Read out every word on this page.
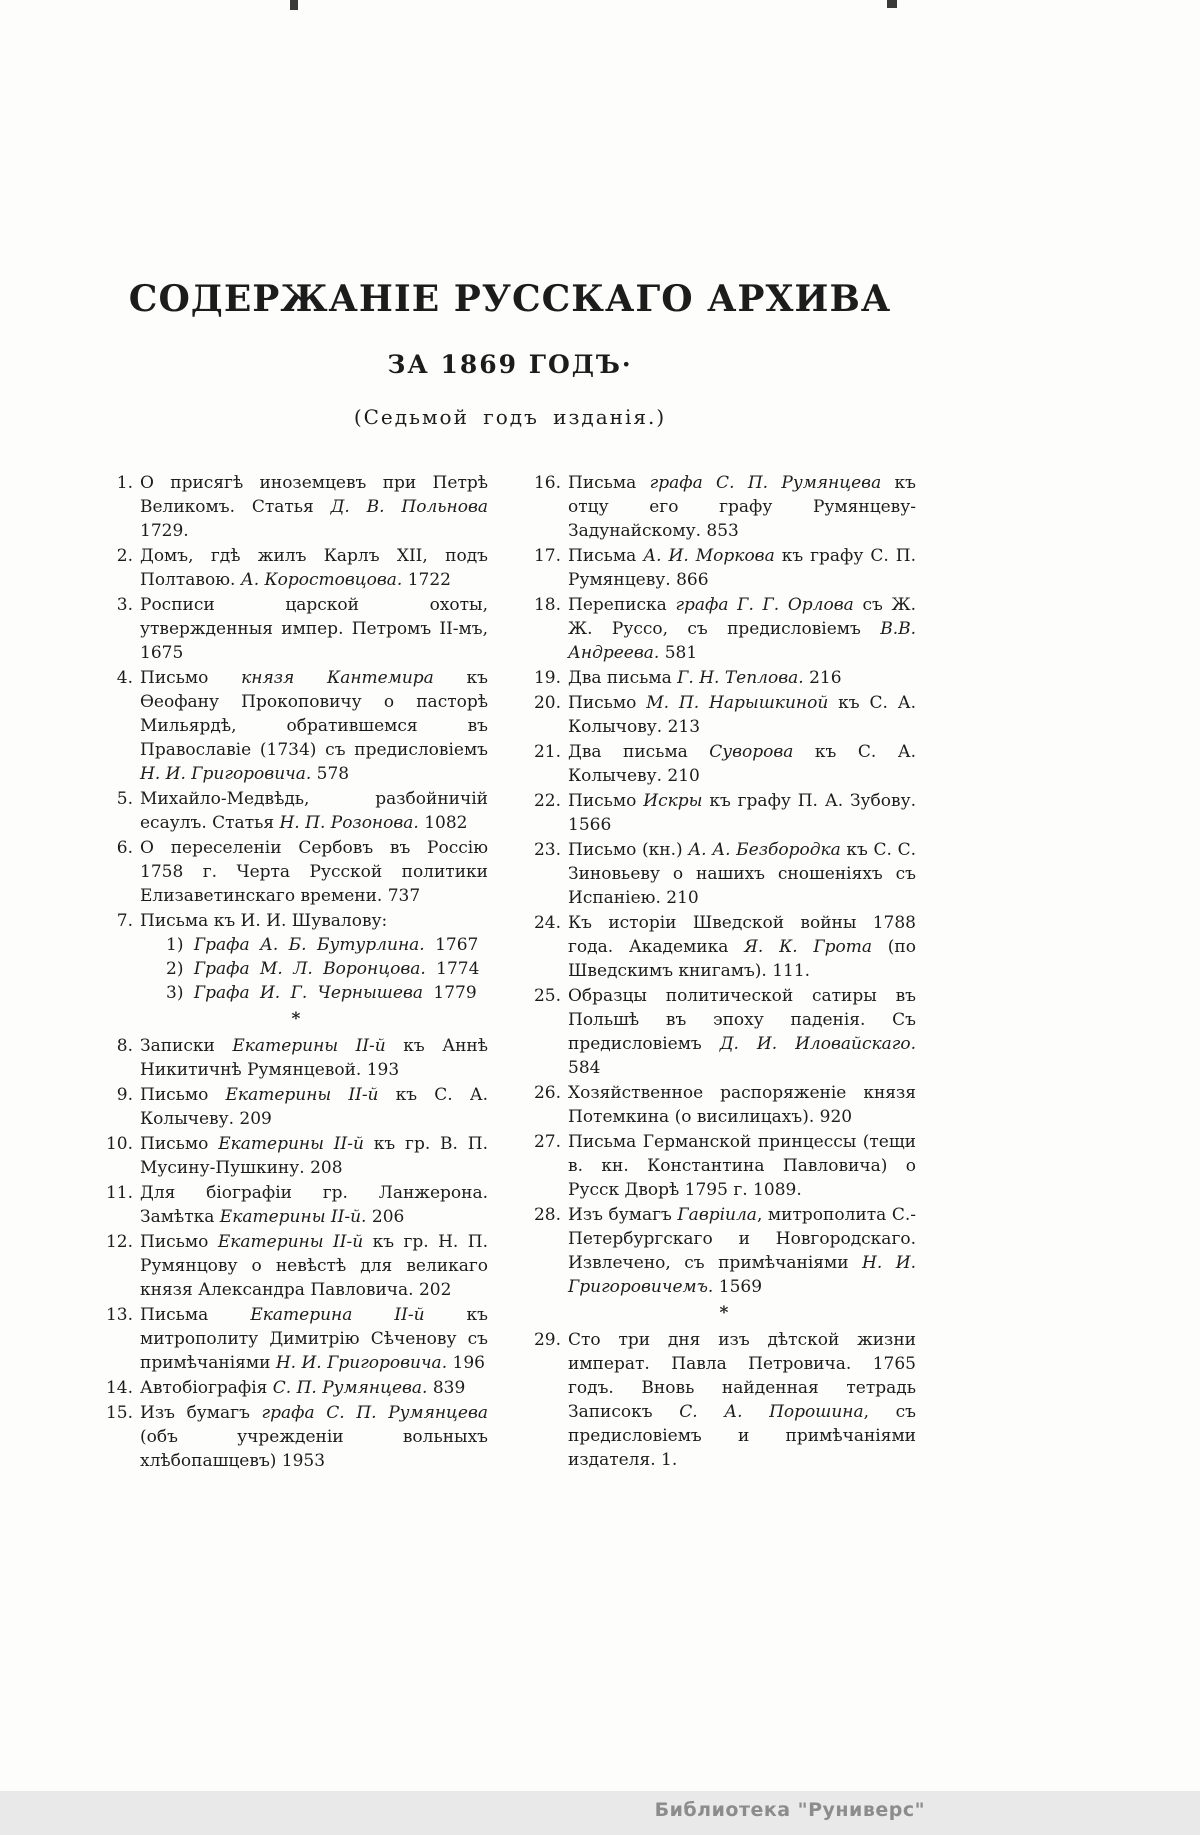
СОДЕРЖАНІЕ РУССКАГО АРХИВА
ЗА 1869 ГОДЪ·
(Седьмой годъ изданія.)
1. О присягѣ иноземцевъ при Петрѣ Великомъ. Статья Д. В. Польнова 1729.
2. Домъ, гдѣ жилъ Карлъ XII, подъ Полтавою. А. Коростовцова. 1722
3. Росписи царской охоты, утвержденныя импер. Петромъ II-мъ, 1675
4. Письмо князя Кантемира къ Ѳеофану Прокоповичу о пасторѣ Мильярдѣ, обратившемся въ Православіе (1734) съ предисловіемъ Н. И. Григоровича. 578
5. Михайло-Медвѣдь, разбойничій есаулъ. Статья Н. П. Розонова. 1082
6. О переселеніи Сербовъ въ Россію 1758 г. Черта Русской политики Елизаветинскаго времени. 737
7. Письма къ И. И. Шувалову:
1) Графа А. Б. Бутурлина. 1767
2) Графа М. Л. Воронцова. 1774
3) Графа И. Г. Чернышева 1779
*
8. Записки Екатерины II-й къ Аннѣ Никитичнѣ Румянцевой. 193
9. Письмо Екатерины II-й къ С. А. Колычеву. 209
10. Письмо Екатерины II-й къ гр. В. П. Мусину-Пушкину. 208
11. Для біографіи гр. Ланжерона. Замѣтка Екатерины II-й. 206
12. Письмо Екатерины II-й къ гр. Н. П. Румянцову о невѣстѣ для великаго князя Александра Павловича. 202
13. Письма Екатерина II-й къ митрополиту Димитрію Сѣченову съ примѣчаніями Н. И. Григоровича. 196
14. Автобіографія С. П. Румянцева. 839
15. Изъ бумагъ графа С. П. Румянцева (объ учрежденіи вольныхъ хлѣбопашцевъ) 1953
16. Письма графа С. П. Румянцева къ отцу его графу Румянцеву-Задунайскому. 853
17. Письма А. И. Моркова къ графу С. П. Румянцеву. 866
18. Переписка графа Г. Г. Орлова съ Ж. Ж. Руссо, съ предисловіемъ В.В. Андреева. 581
19. Два письма Г. Н. Теплова. 216
20. Письмо М. П. Нарышкиной къ С. А. Колычову. 213
21. Два письма Суворова къ С. А. Колычеву. 210
22. Письмо Искры къ графу П. А. Зубову. 1566
23. Письмо (кн.) А. А. Безбородка къ С. С. Зиновьеву о нашихъ сношеніяхъ съ Испаніею. 210
24. Къ исторіи Шведской войны 1788 года. Академика Я. К. Грота (по Шведскимъ книгамъ). 111.
25. Образцы политической сатиры въ Польшѣ въ эпоху паденія. Съ предисловіемъ Д. И. Иловайскаго. 584
26. Хозяйственное распоряженіе князя Потемкина (о висилицахъ). 920
27. Письма Германской принцессы (тещи в. кн. Константина Павловича) о Русск Дворѣ 1795 г. 1089.
28. Изъ бумагъ Гавріила, митрополита С.-Петербургскаго и Новгородскаго. Извлечено, съ примѣчаніями Н. И. Григоровичемъ. 1569
*
29. Сто три дня изъ дѣтской жизни императ. Павла Петровича. 1765 годъ. Вновь найденная тетрадь Записокъ С. А. Порошина, съ предисловіемъ и примѣчаніями издателя. 1.
Библиотека "Руниверс"
